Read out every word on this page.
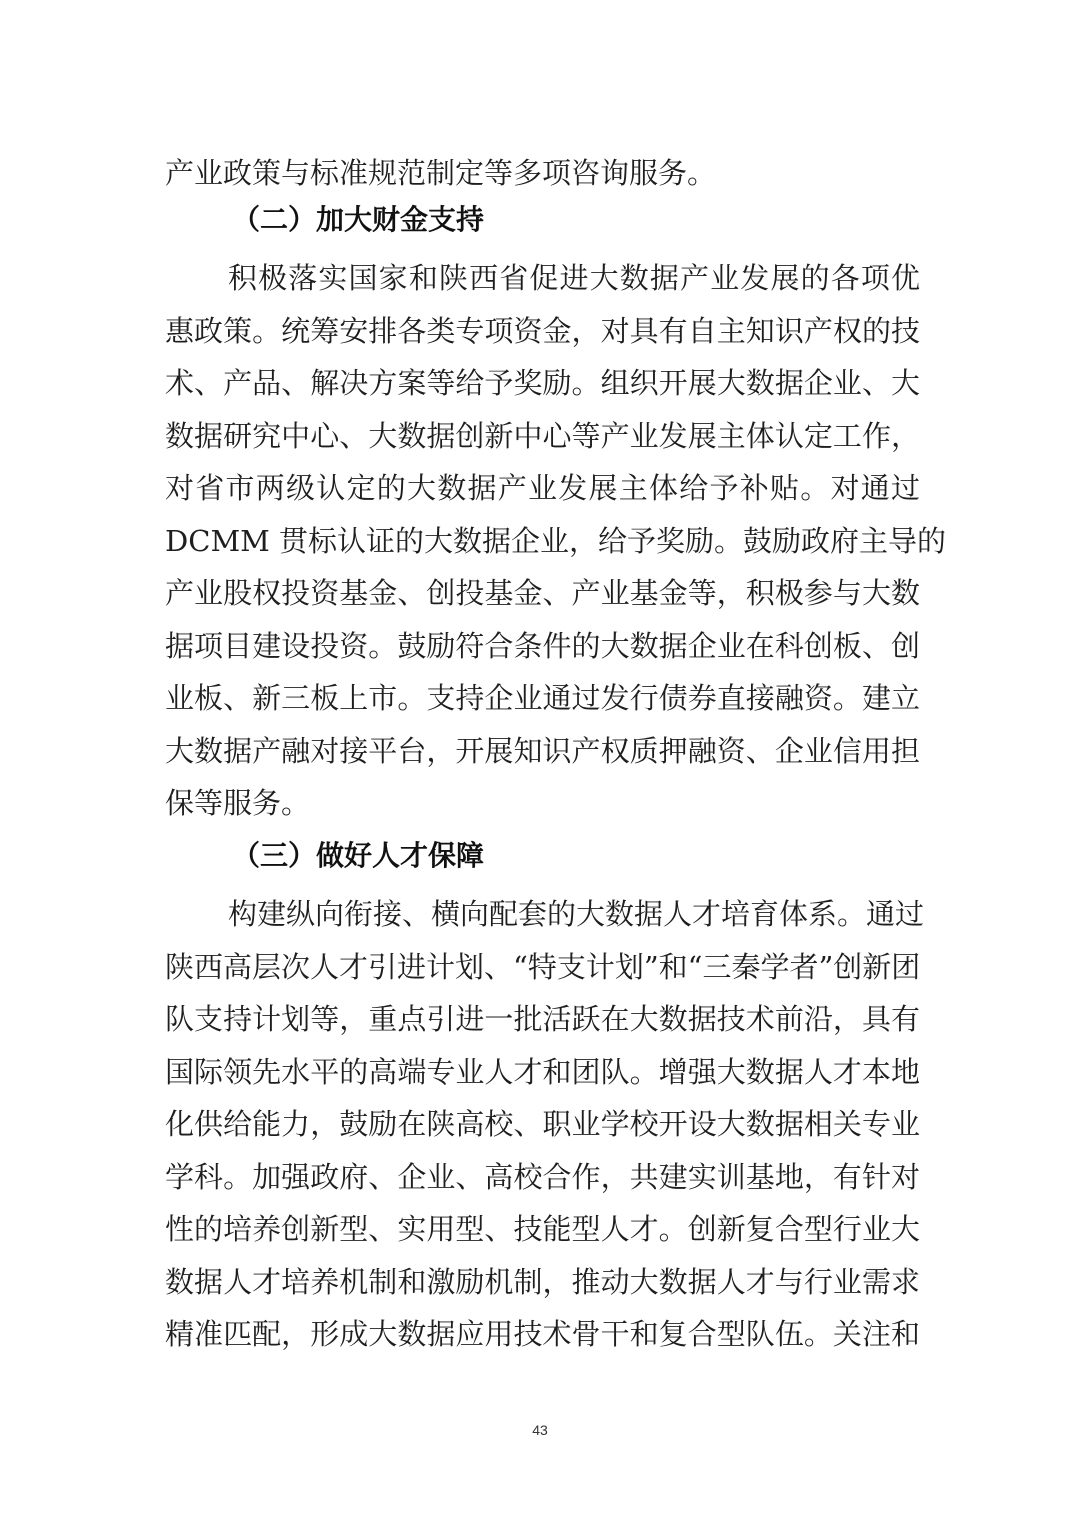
产业政策与标准规范制定等多项咨询服务。
（二）加大财金支持
积极落实国家和陕西省促进大数据产业发展的各项优
惠政策。统筹安排各类专项资金，对具有自主知识产权的技
术、产品、解决方案等给予奖励。组织开展大数据企业、大
数据研究中心、大数据创新中心等产业发展主体认定工作，
对省市两级认定的大数据产业发展主体给予补贴。对通过
DCMM 贯标认证的大数据企业，给予奖励。鼓励政府主导的
产业股权投资基金、创投基金、产业基金等，积极参与大数
据项目建设投资。鼓励符合条件的大数据企业在科创板、创
业板、新三板上市。支持企业通过发行债券直接融资。建立
大数据产融对接平台，开展知识产权质押融资、企业信用担
保等服务。
（三）做好人才保障
构建纵向衔接、横向配套的大数据人才培育体系。通过
陕西高层次人才引进计划、“特支计划”和“三秦学者”创新团
队支持计划等，重点引进一批活跃在大数据技术前沿，具有
国际领先水平的高端专业人才和团队。增强大数据人才本地
化供给能力，鼓励在陕高校、职业学校开设大数据相关专业
学科。加强政府、企业、高校合作，共建实训基地，有针对
性的培养创新型、实用型、技能型人才。创新复合型行业大
数据人才培养机制和激励机制，推动大数据人才与行业需求
精准匹配，形成大数据应用技术骨干和复合型队伍。关注和
43
